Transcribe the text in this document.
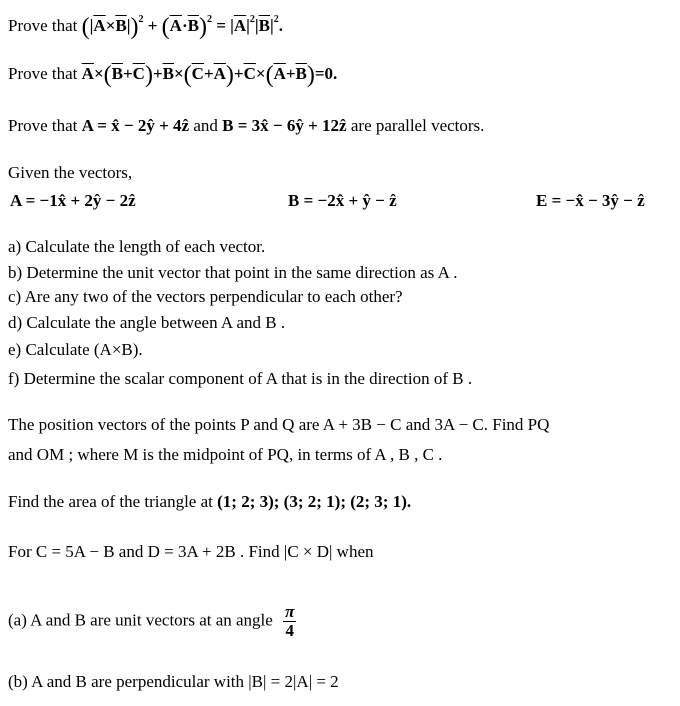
Prove that $(|\overline{A}\times\overline{B}|)^2 + (\overline{A}\cdot\overline{B})^2 = |\overline{A}|^2|\overline{B}|^2$.
Prove that $\overline{A}\times(\overline{B}+\overline{C})+\overline{B}\times(\overline{C}+\overline{A})+\overline{C}\times(\overline{A}+\overline{B})=0$.
Prove that A = x̂ − 2ŷ + 4ẑ and B = 3x̂ − 6ŷ + 12ẑ are parallel vectors.
Given the vectors,
A = −1x̂ + 2ŷ − 2ẑ	B = −2x̂ + ŷ − ẑ	E = −x̂ − 3ŷ − ẑ
a) Calculate the length of each vector.
b) Determine the unit vector that point in the same direction as A .
c) Are any two of the vectors perpendicular to each other?
d) Calculate the angle between A and B .
e) Calculate (A×B).
f) Determine the scalar component of A that is in the direction of B .
The position vectors of the points P and Q are A + 3B − C and 3A − C. Find PQ
and OM ; where M is the midpoint of PQ, in terms of A , B , C .
Find the area of the triangle at (1; 2; 3); (3; 2; 1); (2; 3; 1).
For C = 5A − B and D = 3A + 2B . Find |C × D| when
(a) A and B are unit vectors at an angle $\frac{\pi}{4}$
(b) A and B are perpendicular with |B| = 2|A| = 2
